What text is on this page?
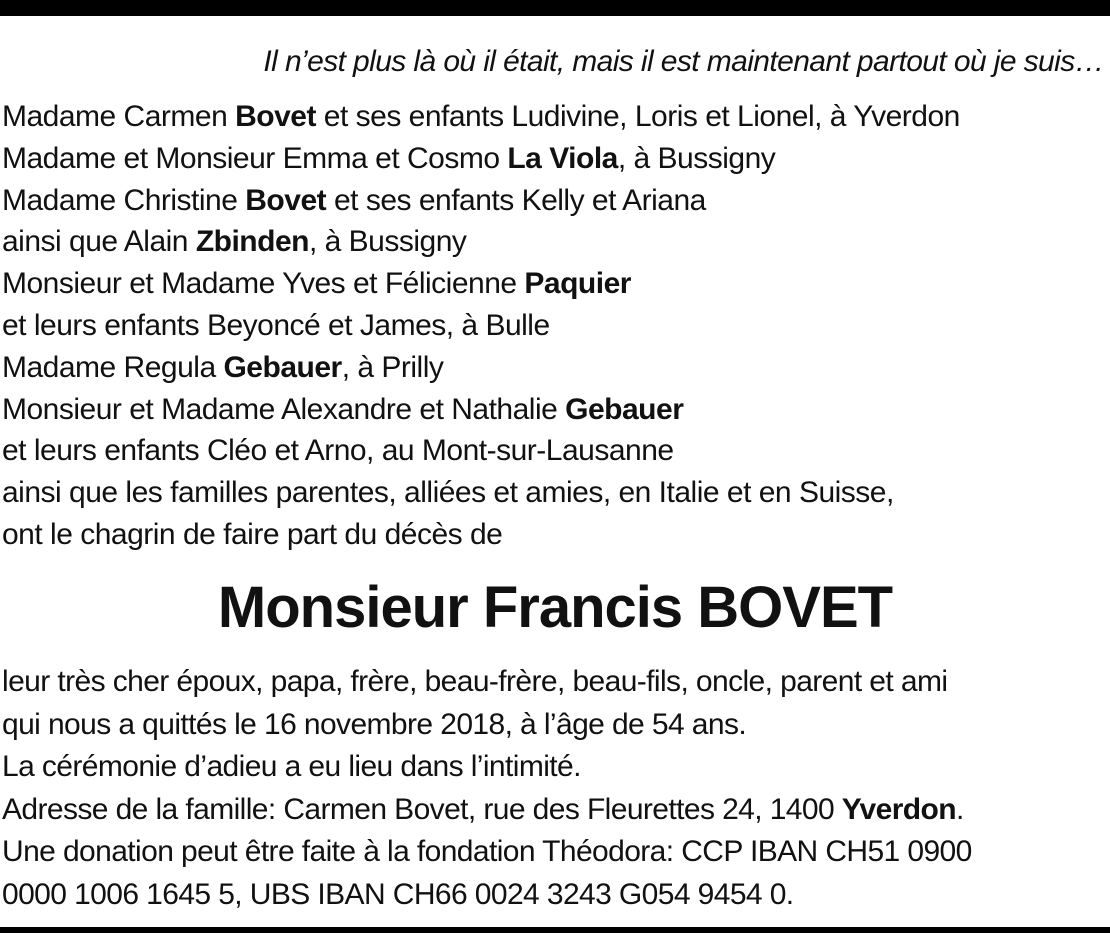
Il n’est plus là où il était, mais il est maintenant partout où je suis…
Madame Carmen Bovet et ses enfants Ludivine, Loris et Lionel, à Yverdon
Madame et Monsieur Emma et Cosmo La Viola, à Bussigny
Madame Christine Bovet et ses enfants Kelly et Ariana
ainsi que Alain Zbinden, à Bussigny
Monsieur et Madame Yves et Félicienne Paquier
et leurs enfants Beyoncé et James, à Bulle
Madame Regula Gebauer, à Prilly
Monsieur et Madame Alexandre et Nathalie Gebauer
et leurs enfants Cléo et Arno, au Mont-sur-Lausanne
ainsi que les familles parentes, alliées et amies, en Italie et en Suisse,
ont le chagrin de faire part du décès de
Monsieur Francis BOVET
leur très cher époux, papa, frère, beau-frère, beau-fils, oncle, parent et ami
qui nous a quittés le 16 novembre 2018, à l’âge de 54 ans.
La cérémonie d’adieu a eu lieu dans l’intimité.
Adresse de la famille: Carmen Bovet, rue des Fleurettes 24, 1400 Yverdon.
Une donation peut être faite à la fondation Théodora: CCP IBAN CH51 0900
0000 1006 1645 5, UBS IBAN CH66 0024 3243 G054 9454 0.
